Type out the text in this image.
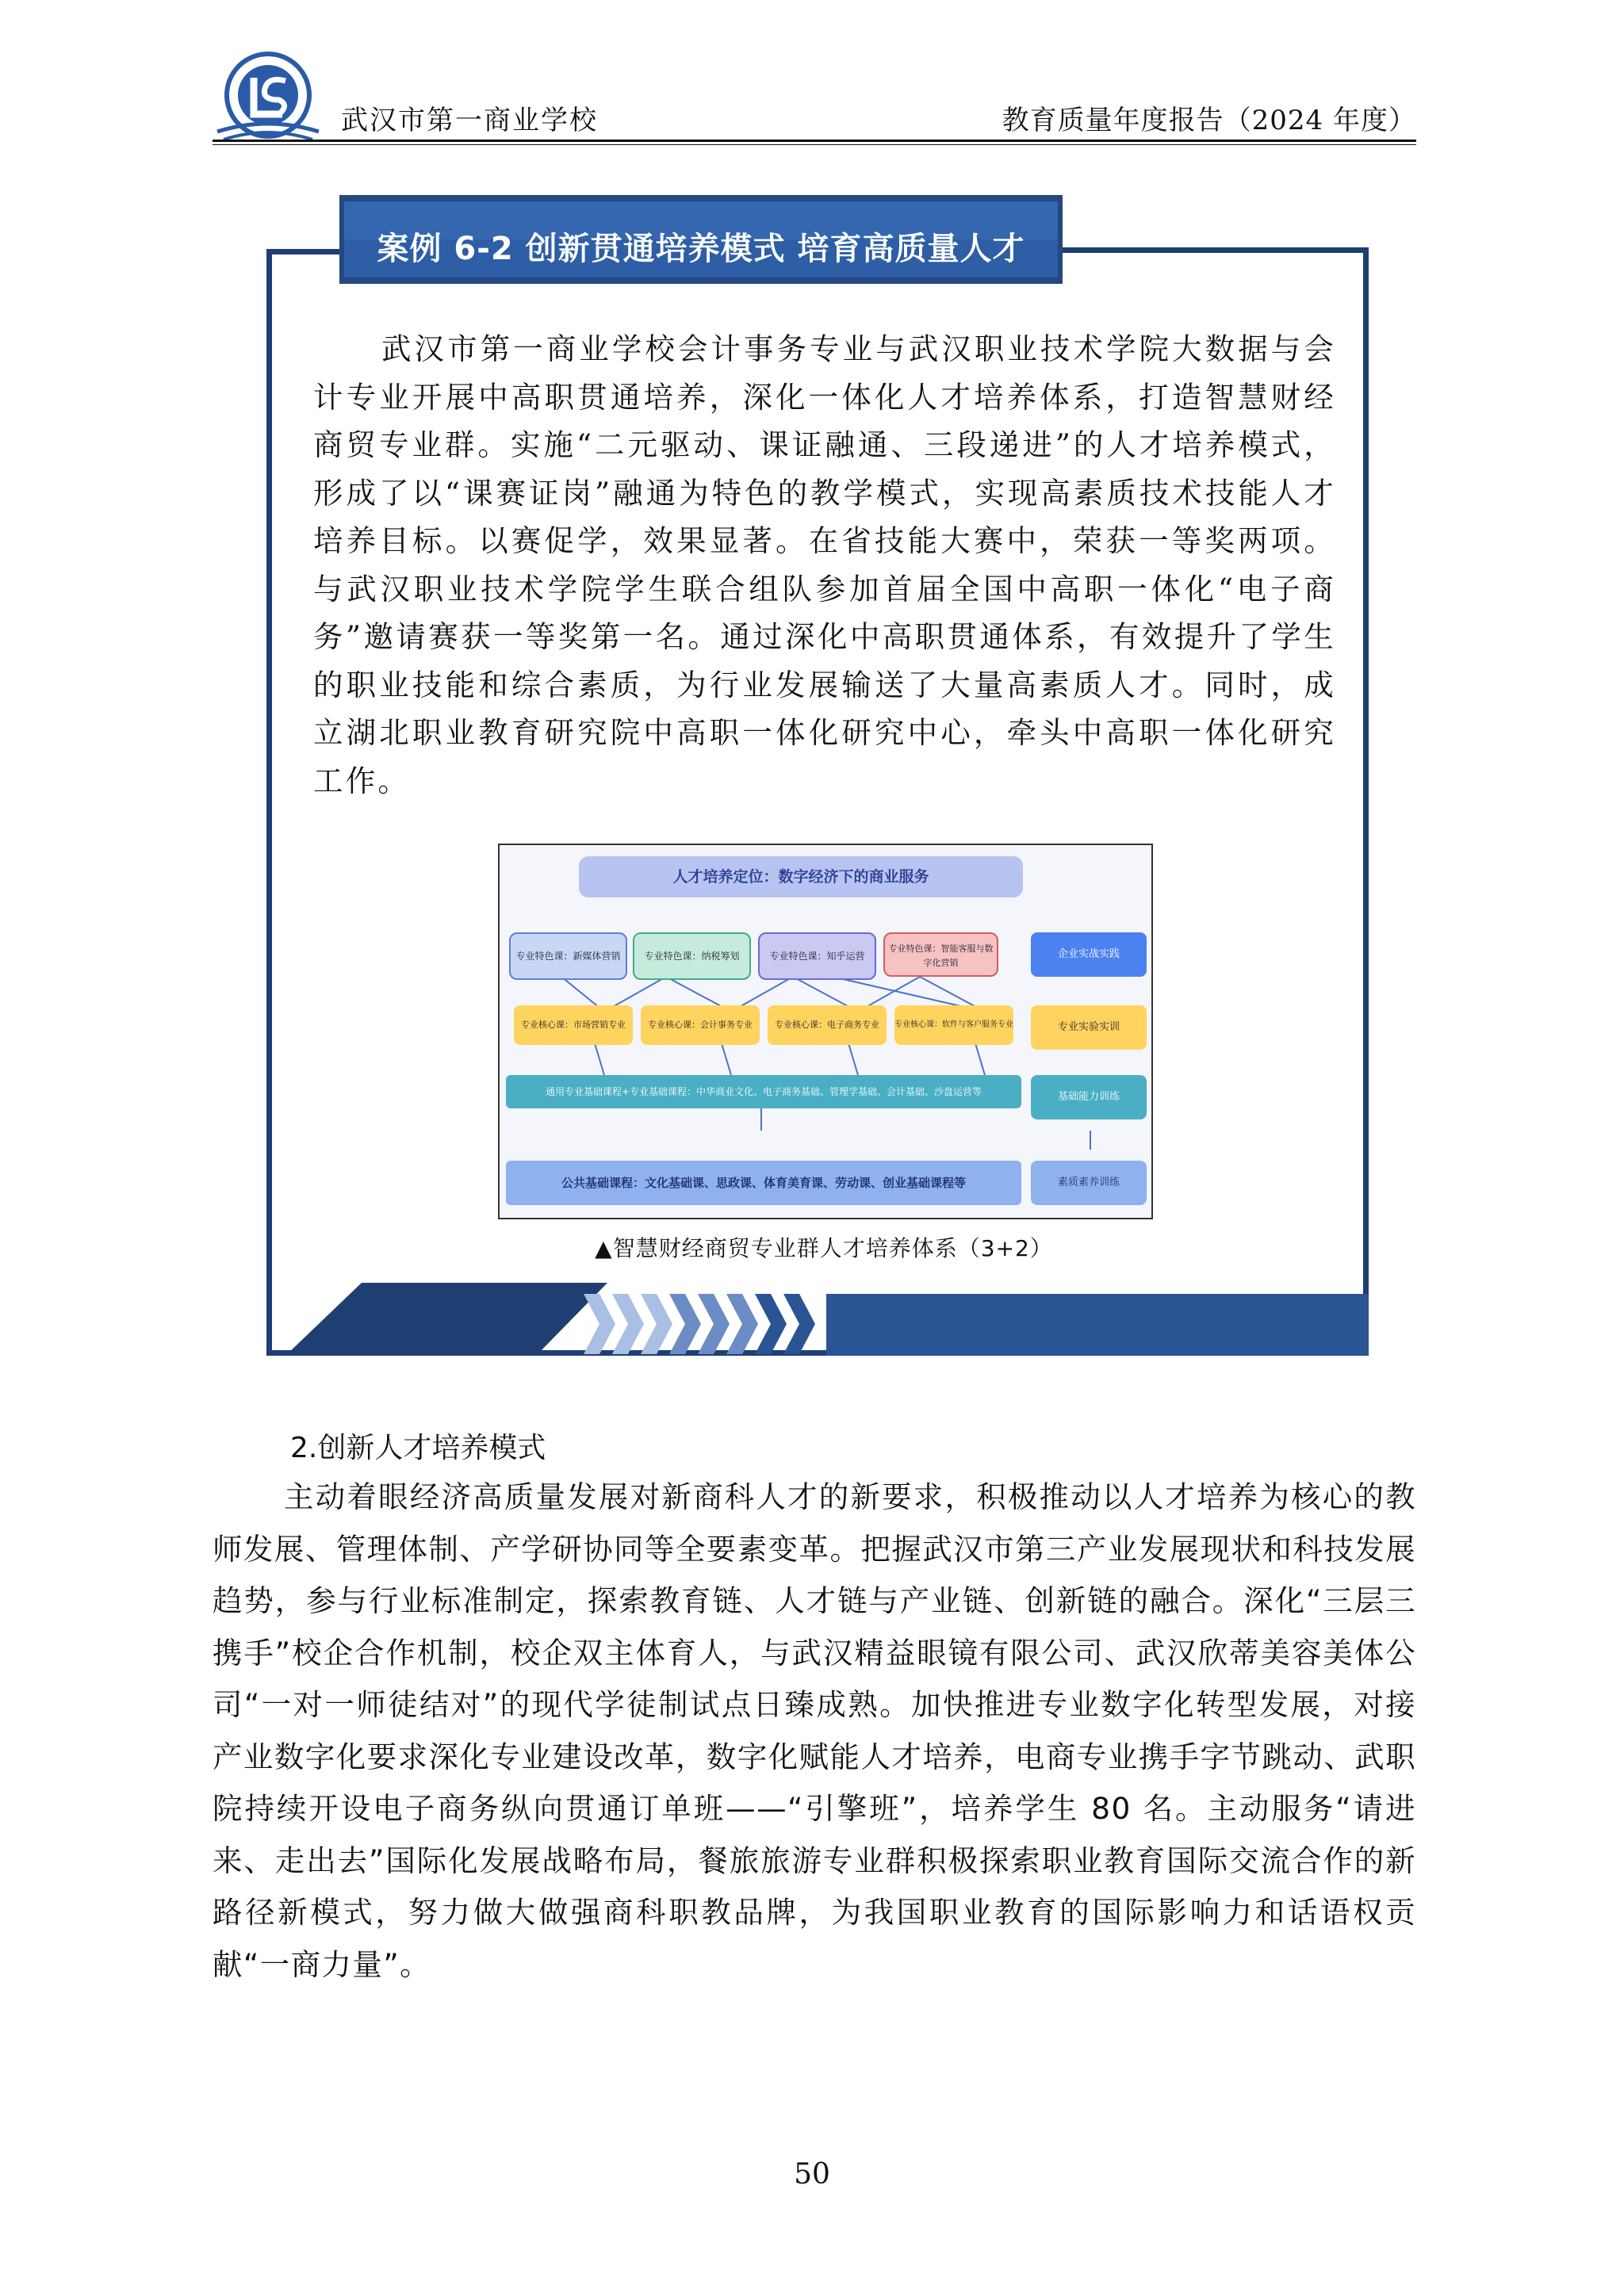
武汉市第一商业学校	教育质量年度报告（2024 年度）
案例 6-2 创新贯通培养模式 培育高质量人才

武汉市第一商业学校会计事务专业与武汉职业技术学院大数据与会计专业开展中高职贯通培养，深化一体化人才培养体系，打造智慧财经商贸专业群。实施“二元驱动、课证融通、三段递进”的人才培养模式，形成了以“课赛证岗”融通为特色的教学模式，实现高素质技术技能人才培养目标。以赛促学，效果显著。在省技能大赛中，荣获一等奖两项。与武汉职业技术学院学生联合组队参加首届全国中高职一体化“电子商务”邀请赛获一等奖第一名。通过深化中高职贯通体系，有效提升了学生的职业技能和综合素质，为行业发展输送了大量高素质人才。同时，成立湖北职业教育研究院中高职一体化研究中心，牵头中高职一体化研究工作。

人才培养定位：数字经济下的商业服务
专业特色课：新媒体营销	专业特色课：纳税筹划	专业特色课：知乎运营
专业特色课：智能客服与数字化营销
专业核心课：市场营销专业	专业核心课：会计事务专业	专业核心课：电子商务专业	专业核心课：软件与客户服务专业
通用专业基础课程+专业基础课程：中华商业文化、电子商务基础、管理学基础、会计基础、沙盘运营等
公共基础课程：文化基础课、思政课、体育美育课、劳动课、创业基础课程等
企业实战实践
专业实验实训
基础能力训练
素质素养训练
▲智慧财经商贸专业群人才培养体系（3+2）
2.创新人才培养模式

主动着眼经济高质量发展对新商科人才的新要求，积极推动以人才培养为核心的教师发展、管理体制、产学研协同等全要素变革。把握武汉市第三产业发展现状和科技发展趋势，参与行业标准制定，探索教育链、人才链与产业链、创新链的融合。深化“三层三携手”校企合作机制，校企双主体育人，与武汉精益眼镜有限公司、武汉欣蒂美容美体公司“一对一师徒结对”的现代学徒制试点日臻成熟。加快推进专业数字化转型发展，对接产业数字化要求深化专业建设改革，数字化赋能人才培养，电商专业携手字节跳动、武职院持续开设电子商务纵向贯通订单班——“引擎班”，培养学生 80 名。主动服务“请进来、走出去”国际化发展战略布局，餐旅旅游专业群积极探索职业教育国际交流合作的新路径新模式，努力做大做强商科职教品牌，为我国职业教育的国际影响力和话语权贡献“一商力量”。

50
